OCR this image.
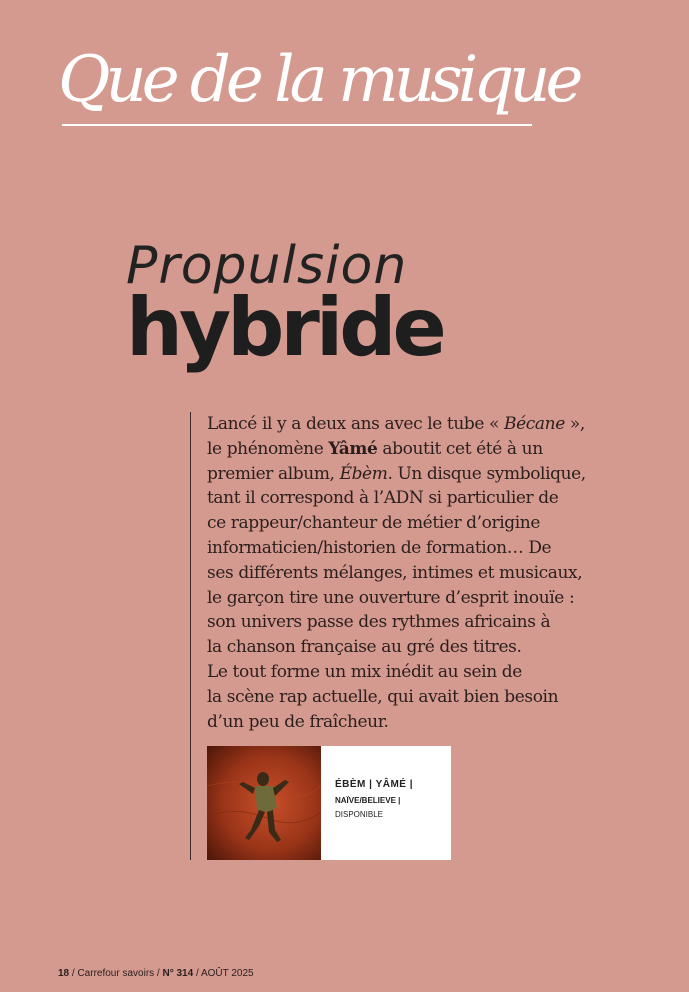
Que de la musique
Propulsion
hybride
Lancé il y a deux ans avec le tube « Bécane »,
le phénomène Yâmé aboutit cet été à un
premier album, Ébèm. Un disque symbolique,
tant il correspond à l’ADN si particulier de
ce rappeur/chanteur de métier d’origine
informaticien/historien de formation… De
ses différents mélanges, intimes et musicaux,
le garçon tire une ouverture d’esprit inouïe :
son univers passe des rythmes africains à
la chanson française au gré des titres.
Le tout forme un mix inédit au sein de
la scène rap actuelle, qui avait bien besoin
d’un peu de fraîcheur.
ÉBÈM | YÂMÉ |
NAÏVE/BELIEVE |
DISPONIBLE
18 / Carrefour savoirs / N° 314 / AOÛT 2025
